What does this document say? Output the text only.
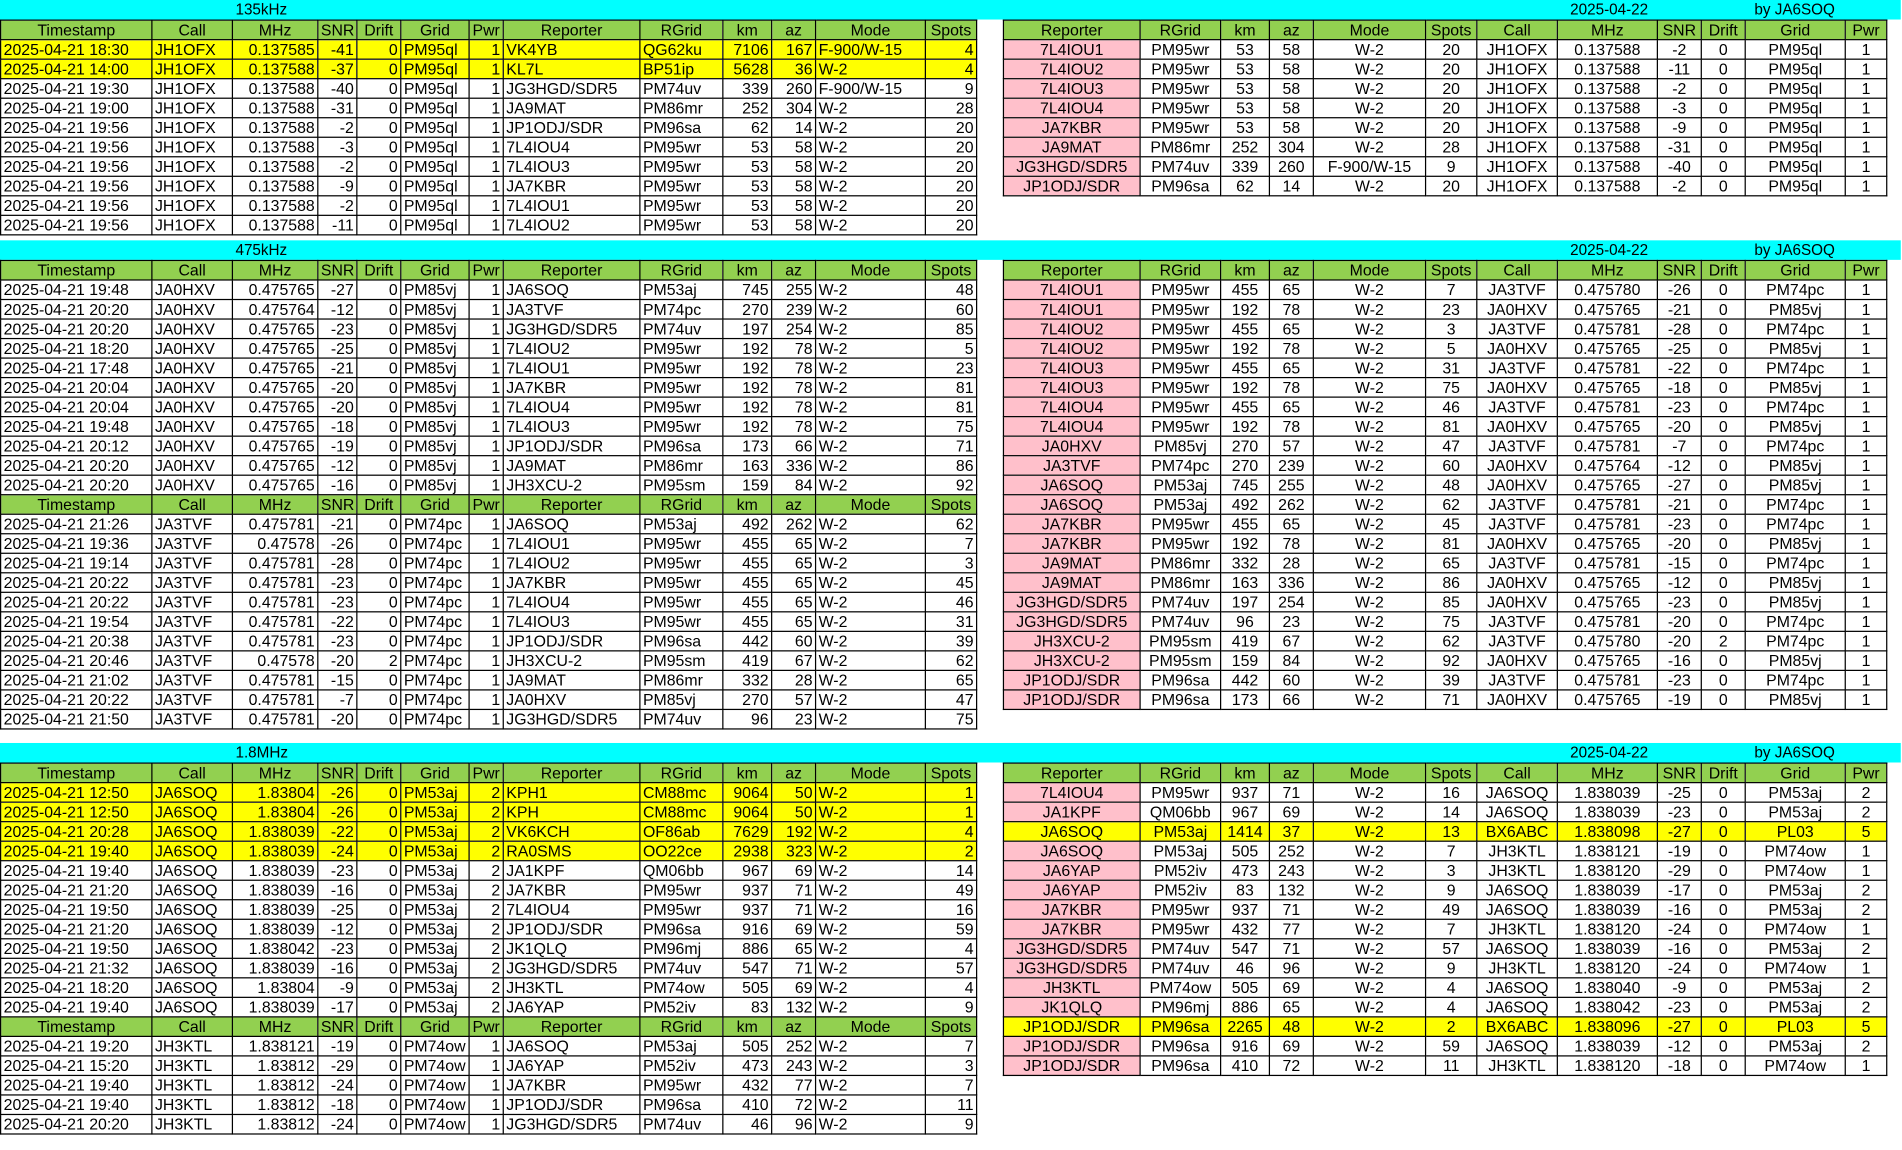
135kHz	2025-04-22	by JA6SOQ
475kHz	2025-04-22	by JA6SOQ
1.8MHz	2025-04-22	by JA6SOQ
Timestamp	Call	MHz	SNR	Drift	Grid	Pwr	Reporter	RGrid	km	az	Mode	Spots
2025-04-21 18:30	JH1OFX	0.137585	-41	0	PM95ql	1	VK4YB	QG62ku	7106	167	F-900/W-15	4
2025-04-21 14:00	JH1OFX	0.137588	-37	0	PM95ql	1	KL7L	BP51ip	5628	36	W-2	4
2025-04-21 19:30	JH1OFX	0.137588	-40	0	PM95ql	1	JG3HGD/SDR5	PM74uv	339	260	F-900/W-15	9
2025-04-21 19:00	JH1OFX	0.137588	-31	0	PM95ql	1	JA9MAT	PM86mr	252	304	W-2	28
2025-04-21 19:56	JH1OFX	0.137588	-2	0	PM95ql	1	JP1ODJ/SDR	PM96sa	62	14	W-2	20
2025-04-21 19:56	JH1OFX	0.137588	-3	0	PM95ql	1	7L4IOU4	PM95wr	53	58	W-2	20
2025-04-21 19:56	JH1OFX	0.137588	-2	0	PM95ql	1	7L4IOU3	PM95wr	53	58	W-2	20
2025-04-21 19:56	JH1OFX	0.137588	-9	0	PM95ql	1	JA7KBR	PM95wr	53	58	W-2	20
2025-04-21 19:56	JH1OFX	0.137588	-2	0	PM95ql	1	7L4IOU1	PM95wr	53	58	W-2	20
2025-04-21 19:56	JH1OFX	0.137588	-11	0	PM95ql	1	7L4IOU2	PM95wr	53	58	W-2	20
Reporter	RGrid	km	az	Mode	Spots	Call	MHz	SNR	Drift	Grid	Pwr
7L4IOU1	PM95wr	53	58	W-2	20	JH1OFX	0.137588	-2	0	PM95ql	1
7L4IOU2	PM95wr	53	58	W-2	20	JH1OFX	0.137588	-11	0	PM95ql	1
7L4IOU3	PM95wr	53	58	W-2	20	JH1OFX	0.137588	-2	0	PM95ql	1
7L4IOU4	PM95wr	53	58	W-2	20	JH1OFX	0.137588	-3	0	PM95ql	1
JA7KBR	PM95wr	53	58	W-2	20	JH1OFX	0.137588	-9	0	PM95ql	1
JA9MAT	PM86mr	252	304	W-2	28	JH1OFX	0.137588	-31	0	PM95ql	1
JG3HGD/SDR5	PM74uv	339	260	F-900/W-15	9	JH1OFX	0.137588	-40	0	PM95ql	1
JP1ODJ/SDR	PM96sa	62	14	W-2	20	JH1OFX	0.137588	-2	0	PM95ql	1
Timestamp	Call	MHz	SNR	Drift	Grid	Pwr	Reporter	RGrid	km	az	Mode	Spots
2025-04-21 19:48	JA0HXV	0.475765	-27	0	PM85vj	1	JA6SOQ	PM53aj	745	255	W-2	48
2025-04-21 20:20	JA0HXV	0.475764	-12	0	PM85vj	1	JA3TVF	PM74pc	270	239	W-2	60
2025-04-21 20:20	JA0HXV	0.475765	-23	0	PM85vj	1	JG3HGD/SDR5	PM74uv	197	254	W-2	85
2025-04-21 18:20	JA0HXV	0.475765	-25	0	PM85vj	1	7L4IOU2	PM95wr	192	78	W-2	5
2025-04-21 17:48	JA0HXV	0.475765	-21	0	PM85vj	1	7L4IOU1	PM95wr	192	78	W-2	23
2025-04-21 20:04	JA0HXV	0.475765	-20	0	PM85vj	1	JA7KBR	PM95wr	192	78	W-2	81
2025-04-21 20:04	JA0HXV	0.475765	-20	0	PM85vj	1	7L4IOU4	PM95wr	192	78	W-2	81
2025-04-21 19:48	JA0HXV	0.475765	-18	0	PM85vj	1	7L4IOU3	PM95wr	192	78	W-2	75
2025-04-21 20:12	JA0HXV	0.475765	-19	0	PM85vj	1	JP1ODJ/SDR	PM96sa	173	66	W-2	71
2025-04-21 20:20	JA0HXV	0.475765	-12	0	PM85vj	1	JA9MAT	PM86mr	163	336	W-2	86
2025-04-21 20:20	JA0HXV	0.475765	-16	0	PM85vj	1	JH3XCU-2	PM95sm	159	84	W-2	92
Timestamp	Call	MHz	SNR	Drift	Grid	Pwr	Reporter	RGrid	km	az	Mode	Spots
2025-04-21 21:26	JA3TVF	0.475781	-21	0	PM74pc	1	JA6SOQ	PM53aj	492	262	W-2	62
2025-04-21 19:36	JA3TVF	0.47578	-26	0	PM74pc	1	7L4IOU1	PM95wr	455	65	W-2	7
2025-04-21 19:14	JA3TVF	0.475781	-28	0	PM74pc	1	7L4IOU2	PM95wr	455	65	W-2	3
2025-04-21 20:22	JA3TVF	0.475781	-23	0	PM74pc	1	JA7KBR	PM95wr	455	65	W-2	45
2025-04-21 20:22	JA3TVF	0.475781	-23	0	PM74pc	1	7L4IOU4	PM95wr	455	65	W-2	46
2025-04-21 19:54	JA3TVF	0.475781	-22	0	PM74pc	1	7L4IOU3	PM95wr	455	65	W-2	31
2025-04-21 20:38	JA3TVF	0.475781	-23	0	PM74pc	1	JP1ODJ/SDR	PM96sa	442	60	W-2	39
2025-04-21 20:46	JA3TVF	0.47578	-20	2	PM74pc	1	JH3XCU-2	PM95sm	419	67	W-2	62
2025-04-21 21:02	JA3TVF	0.475781	-15	0	PM74pc	1	JA9MAT	PM86mr	332	28	W-2	65
2025-04-21 20:22	JA3TVF	0.475781	-7	0	PM74pc	1	JA0HXV	PM85vj	270	57	W-2	47
2025-04-21 21:50	JA3TVF	0.475781	-20	0	PM74pc	1	JG3HGD/SDR5	PM74uv	96	23	W-2	75
Reporter	RGrid	km	az	Mode	Spots	Call	MHz	SNR	Drift	Grid	Pwr
7L4IOU1	PM95wr	455	65	W-2	7	JA3TVF	0.475780	-26	0	PM74pc	1
7L4IOU1	PM95wr	192	78	W-2	23	JA0HXV	0.475765	-21	0	PM85vj	1
7L4IOU2	PM95wr	455	65	W-2	3	JA3TVF	0.475781	-28	0	PM74pc	1
7L4IOU2	PM95wr	192	78	W-2	5	JA0HXV	0.475765	-25	0	PM85vj	1
7L4IOU3	PM95wr	455	65	W-2	31	JA3TVF	0.475781	-22	0	PM74pc	1
7L4IOU3	PM95wr	192	78	W-2	75	JA0HXV	0.475765	-18	0	PM85vj	1
7L4IOU4	PM95wr	455	65	W-2	46	JA3TVF	0.475781	-23	0	PM74pc	1
7L4IOU4	PM95wr	192	78	W-2	81	JA0HXV	0.475765	-20	0	PM85vj	1
JA0HXV	PM85vj	270	57	W-2	47	JA3TVF	0.475781	-7	0	PM74pc	1
JA3TVF	PM74pc	270	239	W-2	60	JA0HXV	0.475764	-12	0	PM85vj	1
JA6SOQ	PM53aj	745	255	W-2	48	JA0HXV	0.475765	-27	0	PM85vj	1
JA6SOQ	PM53aj	492	262	W-2	62	JA3TVF	0.475781	-21	0	PM74pc	1
JA7KBR	PM95wr	455	65	W-2	45	JA3TVF	0.475781	-23	0	PM74pc	1
JA7KBR	PM95wr	192	78	W-2	81	JA0HXV	0.475765	-20	0	PM85vj	1
JA9MAT	PM86mr	332	28	W-2	65	JA3TVF	0.475781	-15	0	PM74pc	1
JA9MAT	PM86mr	163	336	W-2	86	JA0HXV	0.475765	-12	0	PM85vj	1
JG3HGD/SDR5	PM74uv	197	254	W-2	85	JA0HXV	0.475765	-23	0	PM85vj	1
JG3HGD/SDR5	PM74uv	96	23	W-2	75	JA3TVF	0.475781	-20	0	PM74pc	1
JH3XCU-2	PM95sm	419	67	W-2	62	JA3TVF	0.475780	-20	2	PM74pc	1
JH3XCU-2	PM95sm	159	84	W-2	92	JA0HXV	0.475765	-16	0	PM85vj	1
JP1ODJ/SDR	PM96sa	442	60	W-2	39	JA3TVF	0.475781	-23	0	PM74pc	1
JP1ODJ/SDR	PM96sa	173	66	W-2	71	JA0HXV	0.475765	-19	0	PM85vj	1
Timestamp	Call	MHz	SNR	Drift	Grid	Pwr	Reporter	RGrid	km	az	Mode	Spots
2025-04-21 12:50	JA6SOQ	1.83804	-26	0	PM53aj	2	KPH1	CM88mc	9064	50	W-2	1
2025-04-21 12:50	JA6SOQ	1.83804	-26	0	PM53aj	2	KPH	CM88mc	9064	50	W-2	1
2025-04-21 20:28	JA6SOQ	1.838039	-22	0	PM53aj	2	VK6KCH	OF86ab	7629	192	W-2	4
2025-04-21 19:40	JA6SOQ	1.838039	-24	0	PM53aj	2	RA0SMS	OO22ce	2938	323	W-2	2
2025-04-21 19:40	JA6SOQ	1.838039	-23	0	PM53aj	2	JA1KPF	QM06bb	967	69	W-2	14
2025-04-21 21:20	JA6SOQ	1.838039	-16	0	PM53aj	2	JA7KBR	PM95wr	937	71	W-2	49
2025-04-21 19:50	JA6SOQ	1.838039	-25	0	PM53aj	2	7L4IOU4	PM95wr	937	71	W-2	16
2025-04-21 21:20	JA6SOQ	1.838039	-12	0	PM53aj	2	JP1ODJ/SDR	PM96sa	916	69	W-2	59
2025-04-21 19:50	JA6SOQ	1.838042	-23	0	PM53aj	2	JK1QLQ	PM96mj	886	65	W-2	4
2025-04-21 21:32	JA6SOQ	1.838039	-16	0	PM53aj	2	JG3HGD/SDR5	PM74uv	547	71	W-2	57
2025-04-21 18:20	JA6SOQ	1.83804	-9	0	PM53aj	2	JH3KTL	PM74ow	505	69	W-2	4
2025-04-21 19:40	JA6SOQ	1.838039	-17	0	PM53aj	2	JA6YAP	PM52iv	83	132	W-2	9
Timestamp	Call	MHz	SNR	Drift	Grid	Pwr	Reporter	RGrid	km	az	Mode	Spots
2025-04-21 19:20	JH3KTL	1.838121	-19	0	PM74ow	1	JA6SOQ	PM53aj	505	252	W-2	7
2025-04-21 15:20	JH3KTL	1.83812	-29	0	PM74ow	1	JA6YAP	PM52iv	473	243	W-2	3
2025-04-21 19:40	JH3KTL	1.83812	-24	0	PM74ow	1	JA7KBR	PM95wr	432	77	W-2	7
2025-04-21 19:40	JH3KTL	1.83812	-18	0	PM74ow	1	JP1ODJ/SDR	PM96sa	410	72	W-2	11
2025-04-21 20:20	JH3KTL	1.83812	-24	0	PM74ow	1	JG3HGD/SDR5	PM74uv	46	96	W-2	9
Reporter	RGrid	km	az	Mode	Spots	Call	MHz	SNR	Drift	Grid	Pwr
7L4IOU4	PM95wr	937	71	W-2	16	JA6SOQ	1.838039	-25	0	PM53aj	2
JA1KPF	QM06bb	967	69	W-2	14	JA6SOQ	1.838039	-23	0	PM53aj	2
JA6SOQ	PM53aj	1414	37	W-2	13	BX6ABC	1.838098	-27	0	PL03	5
JA6SOQ	PM53aj	505	252	W-2	7	JH3KTL	1.838121	-19	0	PM74ow	1
JA6YAP	PM52iv	473	243	W-2	3	JH3KTL	1.838120	-29	0	PM74ow	1
JA6YAP	PM52iv	83	132	W-2	9	JA6SOQ	1.838039	-17	0	PM53aj	2
JA7KBR	PM95wr	937	71	W-2	49	JA6SOQ	1.838039	-16	0	PM53aj	2
JA7KBR	PM95wr	432	77	W-2	7	JH3KTL	1.838120	-24	0	PM74ow	1
JG3HGD/SDR5	PM74uv	547	71	W-2	57	JA6SOQ	1.838039	-16	0	PM53aj	2
JG3HGD/SDR5	PM74uv	46	96	W-2	9	JH3KTL	1.838120	-24	0	PM74ow	1
JH3KTL	PM74ow	505	69	W-2	4	JA6SOQ	1.838040	-9	0	PM53aj	2
JK1QLQ	PM96mj	886	65	W-2	4	JA6SOQ	1.838042	-23	0	PM53aj	2
JP1ODJ/SDR	PM96sa	2265	48	W-2	2	BX6ABC	1.838096	-27	0	PL03	5
JP1ODJ/SDR	PM96sa	916	69	W-2	59	JA6SOQ	1.838039	-12	0	PM53aj	2
JP1ODJ/SDR	PM96sa	410	72	W-2	11	JH3KTL	1.838120	-18	0	PM74ow	1
